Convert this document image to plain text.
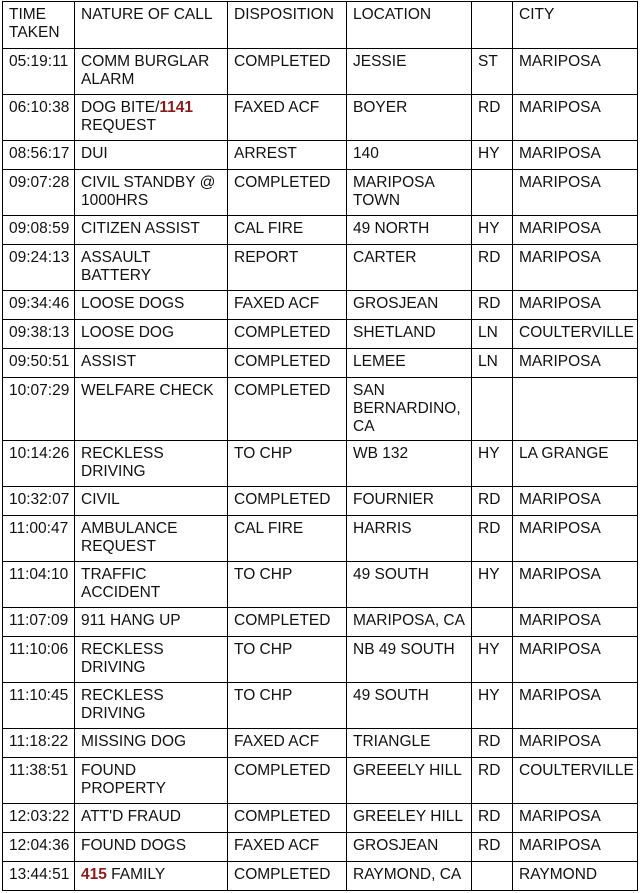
TIME TAKEN	NATURE OF CALL	DISPOSITION	LOCATION		CITY
05:19:11	COMM BURGLAR ALARM	COMPLETED	JESSIE	ST	MARIPOSA
06:10:38	DOG BITE/1141 REQUEST	FAXED ACF	BOYER	RD	MARIPOSA
08:56:17	DUI	ARREST	140	HY	MARIPOSA
09:07:28	CIVIL STANDBY @ 1000HRS	COMPLETED	MARIPOSA TOWN		MARIPOSA
09:08:59	CITIZEN ASSIST	CAL FIRE	49 NORTH	HY	MARIPOSA
09:24:13	ASSAULT BATTERY	REPORT	CARTER	RD	MARIPOSA
09:34:46	LOOSE DOGS	FAXED ACF	GROSJEAN	RD	MARIPOSA
09:38:13	LOOSE DOG	COMPLETED	SHETLAND	LN	COULTERVILLE
09:50:51	ASSIST	COMPLETED	LEMEE	LN	MARIPOSA
10:07:29	WELFARE CHECK	COMPLETED	SAN BERNARDINO, CA		
10:14:26	RECKLESS DRIVING	TO CHP	WB 132	HY	LA GRANGE
10:32:07	CIVIL	COMPLETED	FOURNIER	RD	MARIPOSA
11:00:47	AMBULANCE REQUEST	CAL FIRE	HARRIS	RD	MARIPOSA
11:04:10	TRAFFIC ACCIDENT	TO CHP	49 SOUTH	HY	MARIPOSA
11:07:09	911 HANG UP	COMPLETED	MARIPOSA, CA		MARIPOSA
11:10:06	RECKLESS DRIVING	TO CHP	NB 49 SOUTH	HY	MARIPOSA
11:10:45	RECKLESS DRIVING	TO CHP	49 SOUTH	HY	MARIPOSA
11:18:22	MISSING DOG	FAXED ACF	TRIANGLE	RD	MARIPOSA
11:38:51	FOUND PROPERTY	COMPLETED	GREEELY HILL	RD	COULTERVILLE
12:03:22	ATT'D FRAUD	COMPLETED	GREELEY HILL	RD	MARIPOSA
12:04:36	FOUND DOGS	FAXED ACF	GROSJEAN	RD	MARIPOSA
13:44:51	415 FAMILY	COMPLETED	RAYMOND, CA		RAYMOND
